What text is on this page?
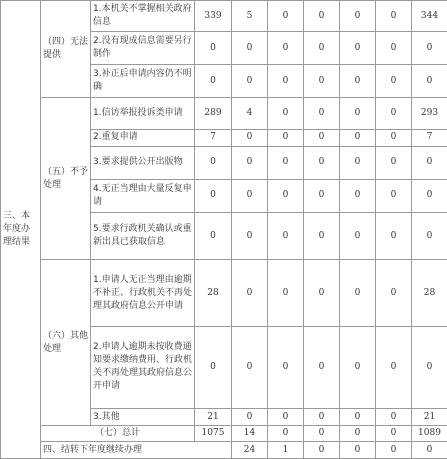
三、本年度办理结果	（四）无法提供	1.本机关不掌握相关政府信息	339	5	0	0	0	0	344	
		2.没有现成信息需要另行制作	0	0	0	0	0	0	0	
		3.补正后申请内容仍不明确	0	0	0	0	0	0	0	
	（五）不予处理	1.信访举报投诉类申请	289	4	0	0	0	0	293	
		2.重复申请	7	0	0	0	0	0	7	
		3.要求提供公开出版物	0	0	0	0	0	0	0	
		4.无正当理由大量反复申请	0	0	0	0	0	0	0	
		5.要求行政机关确认或重新出具已获取信息	0	0	0	0	0	0	0	
	（六）其他处理	1.申请人无正当理由逾期不补正、行政机关不再处理其政府信息公开申请	28	0	0	0	0	0	28	
		2.申请人逾期未按收费通知要求缴纳费用、行政机关不再处理其政府信息公开申请	0	0	0	0	0	0	0	
		3.其他	21	0	0	0	0	0	21	
	（七）总计		1075	14	0	0	0	0	1089	
	四、结转下年度继续办理			24	1	0	0	0	0	
